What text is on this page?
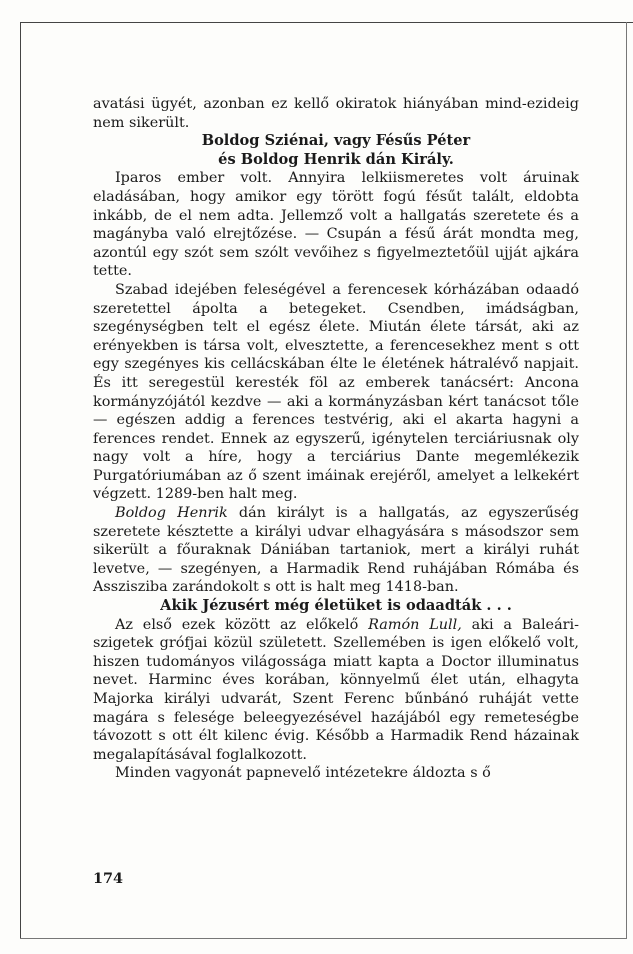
avatási ügyét, azonban ez kellő okiratok hiányában mind-ezideig nem sikerült.

Boldog Sziénai, vagy Fésűs Péter
és Boldog Henrik dán Király.

Iparos ember volt. Annyira lelkiismeretes volt áruinak eladásában, hogy amikor egy törött fogú fésűt talált, eldobta inkább, de el nem adta. Jellemző volt a hallgatás szeretete és a magányba való elrejtőzése. — Csupán a fésű árát mondta meg, azontúl egy szót sem szólt vevőihez s figyelmeztetőül ujját ajkára tette.

Szabad idejében feleségével a ferencesek kórházában odaadó szeretettel ápolta a betegeket. Csendben, imádságban, szegénységben telt el egész élete. Miután élete társát, aki az erényekben is társa volt, elvesztette, a ferencesekhez ment s ott egy szegényes kis cellácskában élte le életének hátralévő napjait. És itt seregestül keresték föl az emberek tanácsért: Ancona kormányzójától kezdve — aki a kormányzásban kért tanácsot tőle — egészen addig a ferences testvérig, aki el akarta hagyni a ferences rendet. Ennek az egyszerű, igénytelen terciáriusnak oly nagy volt a híre, hogy a terciárius Dante megemlékezik Purgatóriumában az ő szent imáinak erejéről, amelyet a lelkekért végzett. 1289-ben halt meg.

Boldog Henrik dán királyt is a hallgatás, az egyszerűség szeretete késztette a királyi udvar elhagyására s másodszor sem sikerült a főuraknak Dániában tartaniok, mert a királyi ruhát levetve, — szegényen, a Harmadik Rend ruhájában Rómába és Asszisziba zarándokolt s ott is halt meg 1418-ban.

Akik Jézusért még életüket is odaadták . . .

Az első ezek között az előkelő Ramón Lull, aki a Baleári-szigetek grófjai közül született. Szellemében is igen előkelő volt, hiszen tudományos világossága miatt kapta a Doctor illuminatus nevet. Harminc éves korában, könnyelmű élet után, elhagyta Majorka királyi udvarát, Szent Ferenc bűnbánó ruháját vette magára s felesége beleegyezésével hazájából egy remeteségbe távozott s ott élt kilenc évig. Később a Harmadik Rend házainak megalapításával foglalkozott.

Minden vagyonát papnevelő intézetekre áldozta s ő

174
